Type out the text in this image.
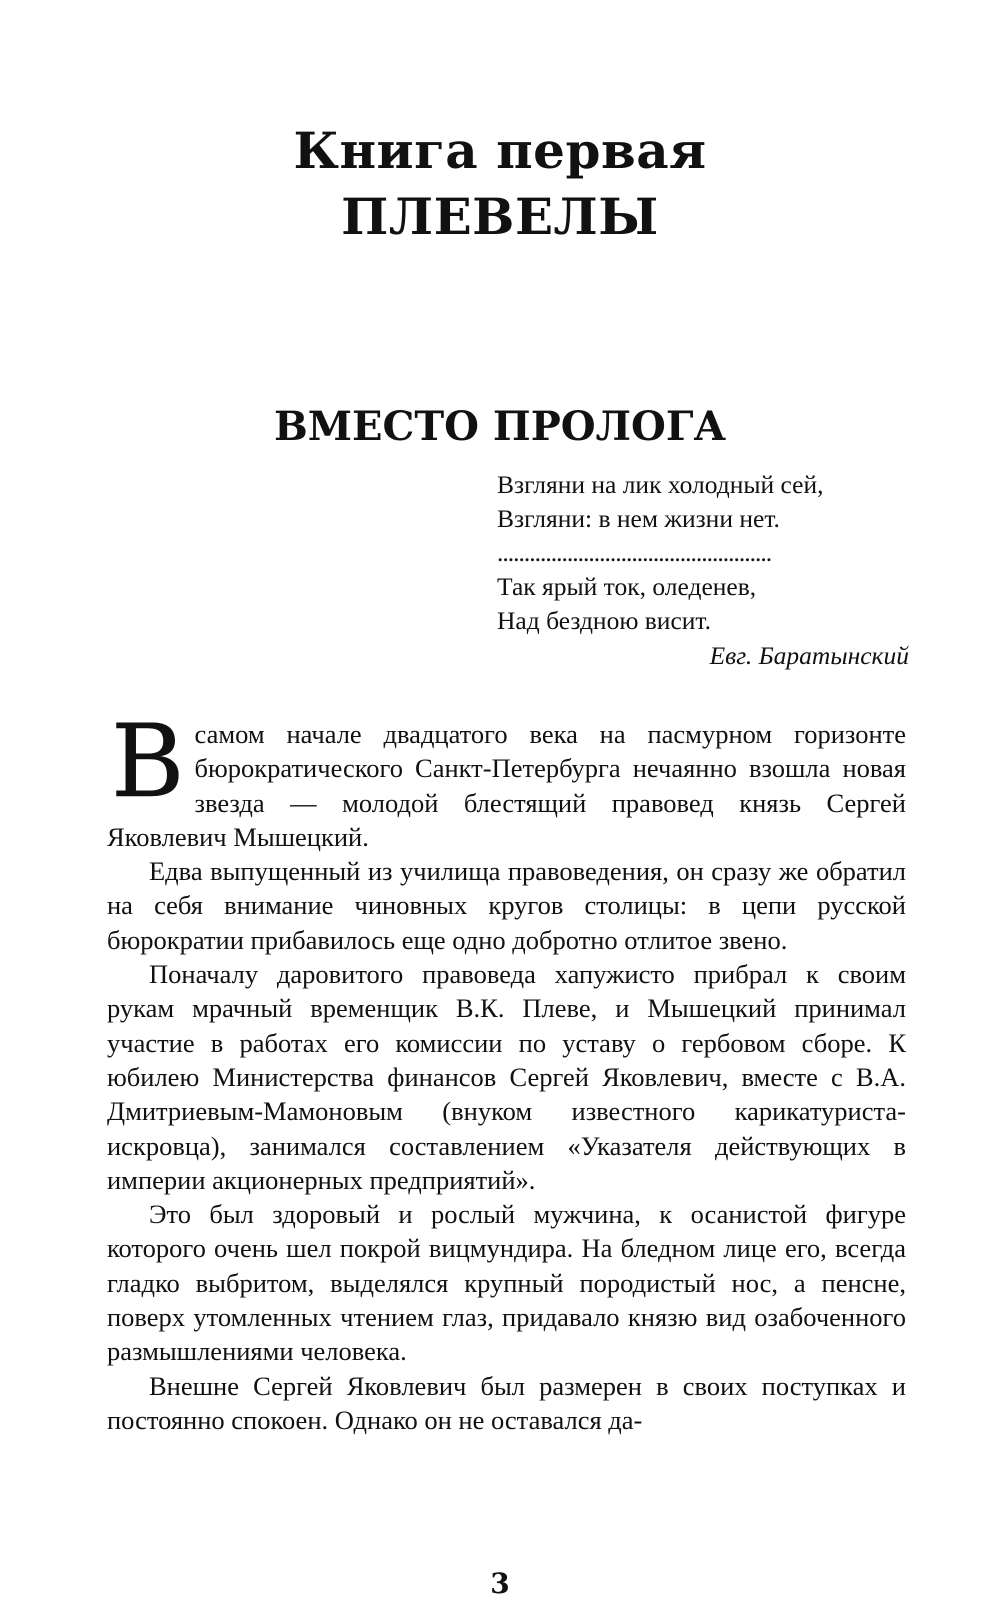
Книга первая
ПЛЕВЕЛЫ
ВМЕСТО ПРОЛОГА
Взгляни на лик холодный сей,
Взгляни: в нем жизни нет.
...................................................
Так ярый ток, оледенев,
Над бездною висит.
Евг. Баратынский

В самом начале двадцатого века на пасмурном горизонте бюрократического Санкт-Петербурга нечаянно взошла новая звезда — молодой блестящий правовед князь Сергей Яковлевич Мышецкий.

Едва выпущенный из училища правоведения, он сразу же обратил на себя внимание чиновных кругов столицы: в цепи русской бюрократии прибавилось еще одно добротно отлитое звено.

Поначалу даровитого правоведа хапужисто прибрал к своим рукам мрачный временщик В.К. Плеве, и Мышецкий принимал участие в работах его комиссии по уставу о гербовом сборе. К юбилею Министерства финансов Сергей Яковлевич, вместе с В.А. Дмитриевым-Мамоновым (внуком известного карикатуриста-искровца), занимался составлением «Указателя действующих в империи акционерных предприятий».

Это был здоровый и рослый мужчина, к осанистой фигуре которого очень шел покрой вицмундира. На бледном лице его, всегда гладко выбритом, выделялся крупный породистый нос, а пенсне, поверх утомленных чтением глаз, придавало князю вид озабоченного размышлениями человека.

Внешне Сергей Яковлевич был размерен в своих поступках и постоянно спокоен. Однако он не оставался да-

3
